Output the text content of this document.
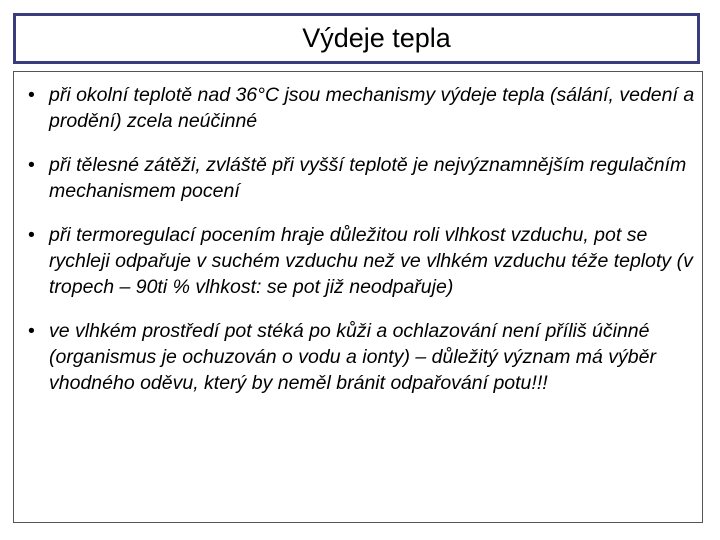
Výdeje tepla
• při okolní teplotě nad 36°C jsou mechanismy výdeje tepla (sálání, vedení a prodění) zcela neúčinné
• při tělesné zátěži, zvláště při vyšší teplotě je nejvýznamnějším regulačním mechanismem pocení
• při termoregulací pocením hraje důležitou roli vlhkost vzduchu, pot se rychleji odpařuje v suchém vzduchu než ve vlhkém vzduchu téže teploty (v tropech – 90ti % vlhkost: se pot již neodpařuje)
• ve vlhkém prostředí pot stéká po kůži a ochlazování není příliš účinné (organismus je ochuzován o vodu a ionty) – důležitý význam má výběr vhodného oděvu, který by neměl bránit odpařování potu!!!
